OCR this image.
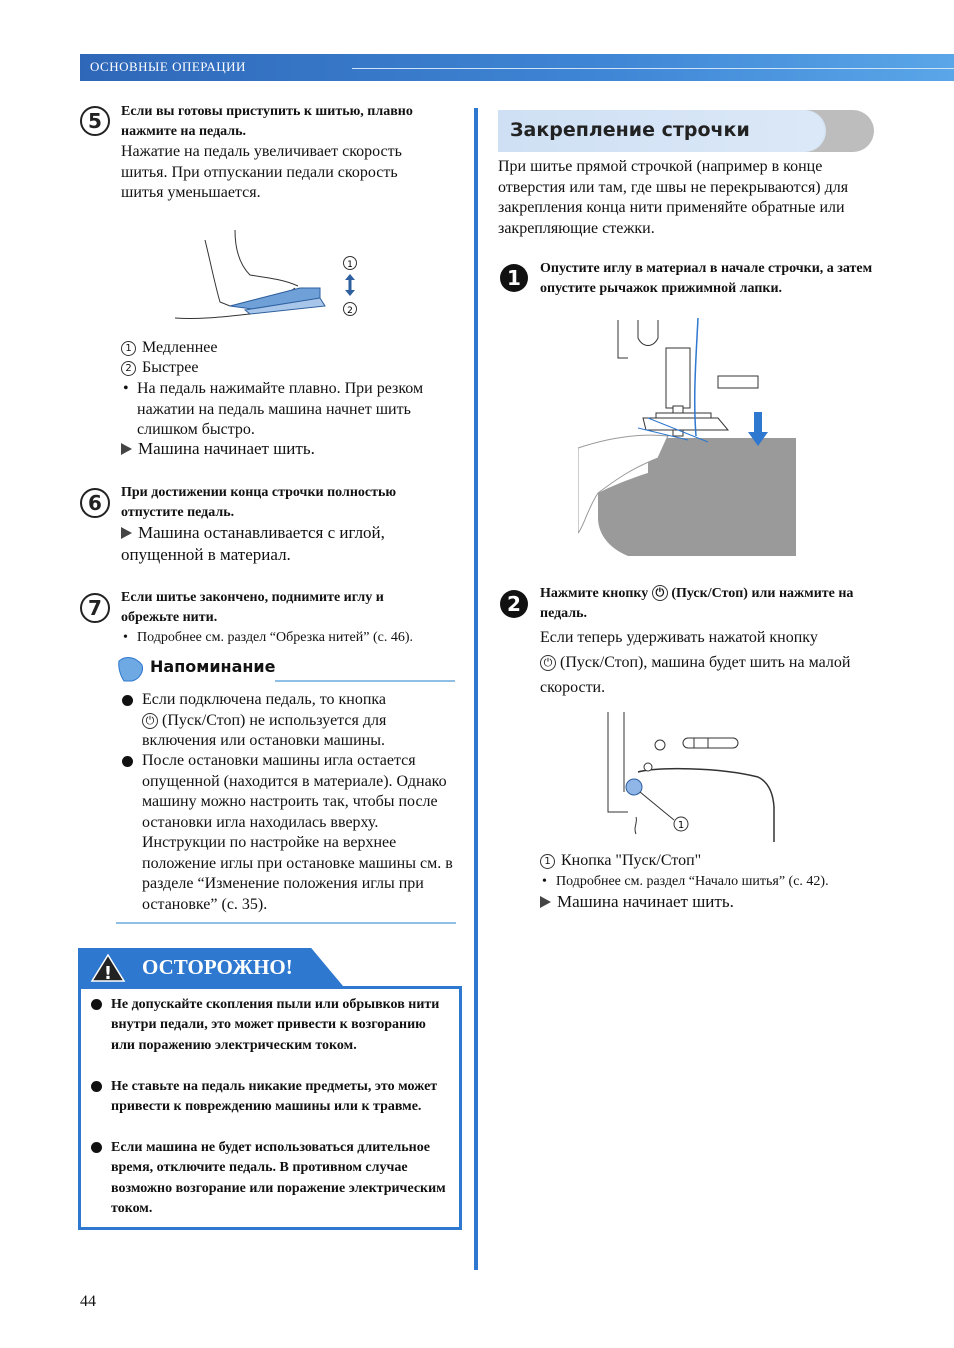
ОСНОВНЫЕ ОПЕРАЦИИ
5	Если вы готовы приступить к шитью, плавно нажмите на педаль.
Нажатие на педаль увеличивает скорость шитья. При отпускании педали скорость шитья уменьшается.
1
2
1 Медленнее
2 Быстрее
• На педаль нажимайте плавно. При резком нажатии на педаль машина начнет шить слишком быстро.
Машина начинает шить.
6	При достижении конца строчки полностью отпустите педаль.
Машина останавливается с иглой, опущенной в материал.
7	Если шитье закончено, поднимите иглу и обрежьте нити.
• Подробнее см. раздел “Обрезка нитей” (с. 46).
Напоминание
Если подключена педаль, то кнопка
⏻ (Пуск/Стоп) не используется для включения или остановки машины.
После остановки машины игла остается опущенной (находится в материале). Однако машину можно настроить так, чтобы после остановки игла находилась вверху. Инструкции по настройке на верхнее положение иглы при остановке машины см. в разделе “Изменение положения иглы при остановке” (с. 35).
! ОСТОРОЖНО!
Не допускайте скопления пыли или обрывков нити внутри педали, это может привести к возгоранию или поражению электрическим током.
Не ставьте на педаль никакие предметы, это может привести к повреждению машины или к травме.
Если машина не будет использоваться длительное время, отключите педаль. В противном случае возможно возгорание или поражение электрическим током.
Закрепление строчки
При шитье прямой строчкой (например в конце отверстия или там, где швы не перекрываются) для закрепления конца нити применяйте обратные или закрепляющие стежки.
1	Опустите иглу в материал в начале строчки, а затем опустите рычажок прижимной лапки.
2	Нажмите кнопку ⏻ (Пуск/Стоп) или нажмите на педаль.
Если теперь удерживать нажатой кнопку
⏻ (Пуск/Стоп), машина будет шить на малой скорости.
1
1 Кнопка "Пуск/Стоп"
• Подробнее см. раздел “Начало шитья” (с. 42).
Машина начинает шить.
44
